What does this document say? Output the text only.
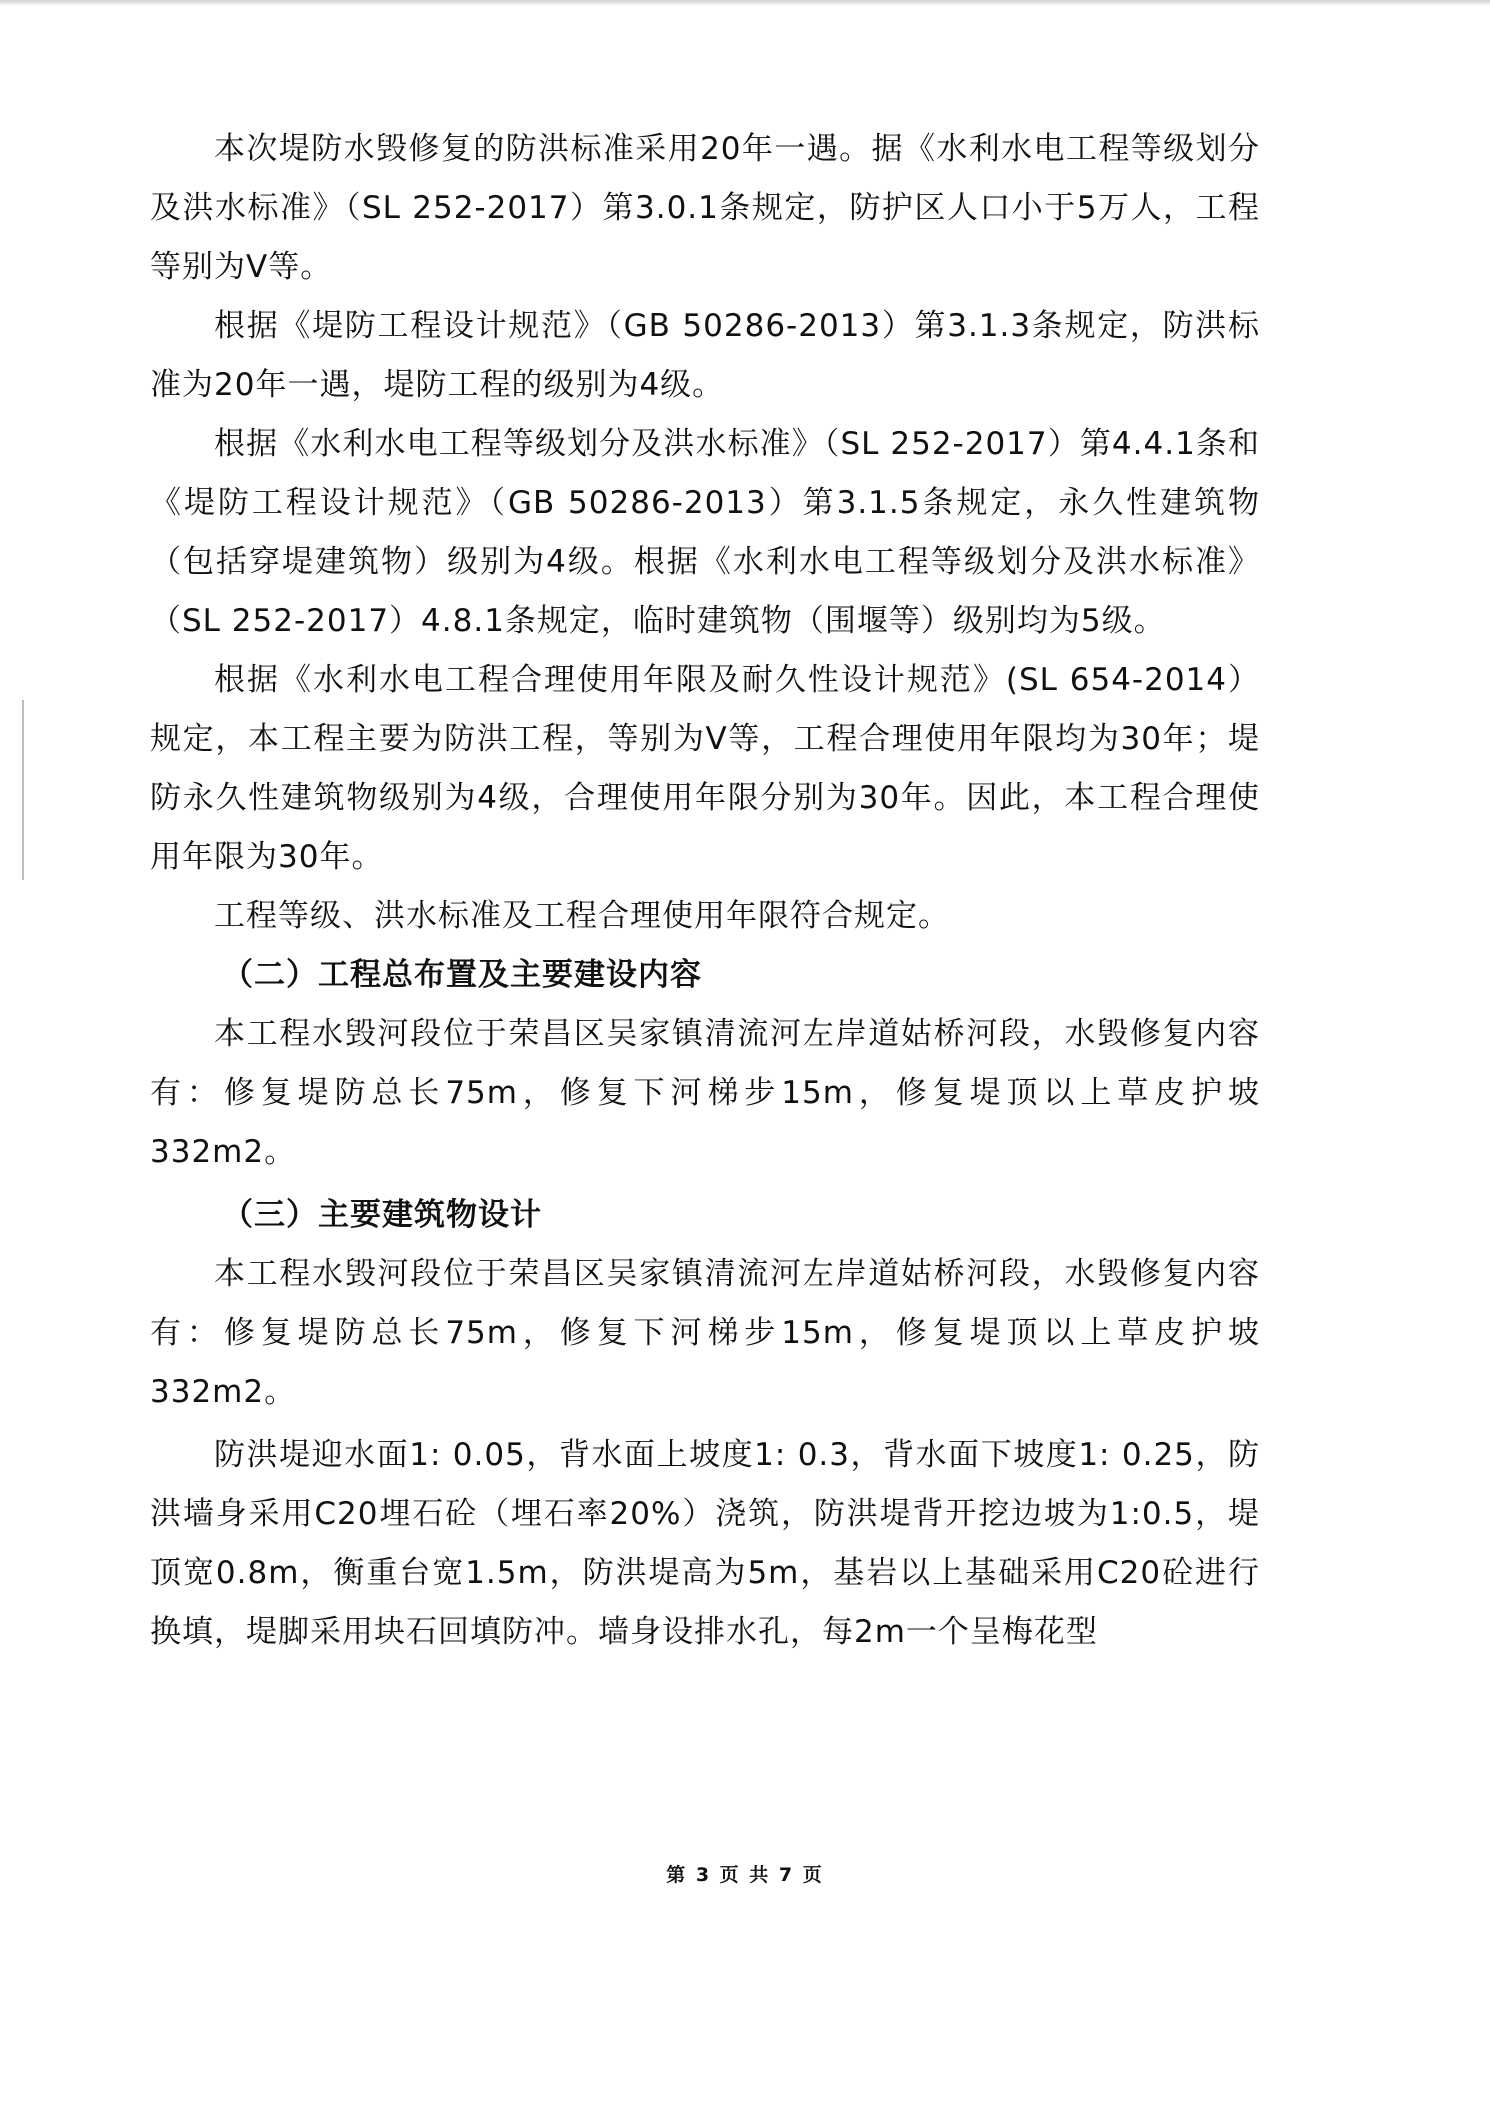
本次堤防水毁修复的防洪标准采用20年一遇。据《水利水电工程等级划分及洪水标准》（SL 252-2017）第3.0.1条规定，防护区人口小于5万人，工程等别为V等。

根据《堤防工程设计规范》（GB 50286-2013）第3.1.3条规定，防洪标准为20年一遇，堤防工程的级别为4级。

根据《水利水电工程等级划分及洪水标准》（SL 252-2017）第4.4.1条和《堤防工程设计规范》（GB 50286-2013）第3.1.5条规定，永久性建筑物（包括穿堤建筑物）级别为4级。根据《水利水电工程等级划分及洪水标准》（SL 252-2017）4.8.1条规定，临时建筑物（围堰等）级别均为5级。

根据《水利水电工程合理使用年限及耐久性设计规范》(SL 654-2014）规定，本工程主要为防洪工程，等别为V等，工程合理使用年限均为30年；堤防永久性建筑物级别为4级，合理使用年限分别为30年。因此，本工程合理使用年限为30年。

工程等级、洪水标准及工程合理使用年限符合规定。

（二）工程总布置及主要建设内容

本工程水毁河段位于荣昌区吴家镇清流河左岸道姑桥河段，水毁修复内容有：修复堤防总长75m，修复下河梯步15m，修复堤顶以上草皮护坡332m2。

（三）主要建筑物设计

本工程水毁河段位于荣昌区吴家镇清流河左岸道姑桥河段，水毁修复内容有：修复堤防总长75m，修复下河梯步15m，修复堤顶以上草皮护坡332m2。

防洪堤迎水面1: 0.05，背水面上坡度1: 0.3，背水面下坡度1: 0.25，防洪墙身采用C20埋石砼（埋石率20%）浇筑，防洪堤背开挖边坡为1:0.5，堤顶宽0.8m，衡重台宽1.5m，防洪堤高为5m，基岩以上基础采用C20砼进行换填，堤脚采用块石回填防冲。墙身设排水孔，每2m一个呈梅花型

第 3 页 共 7 页
